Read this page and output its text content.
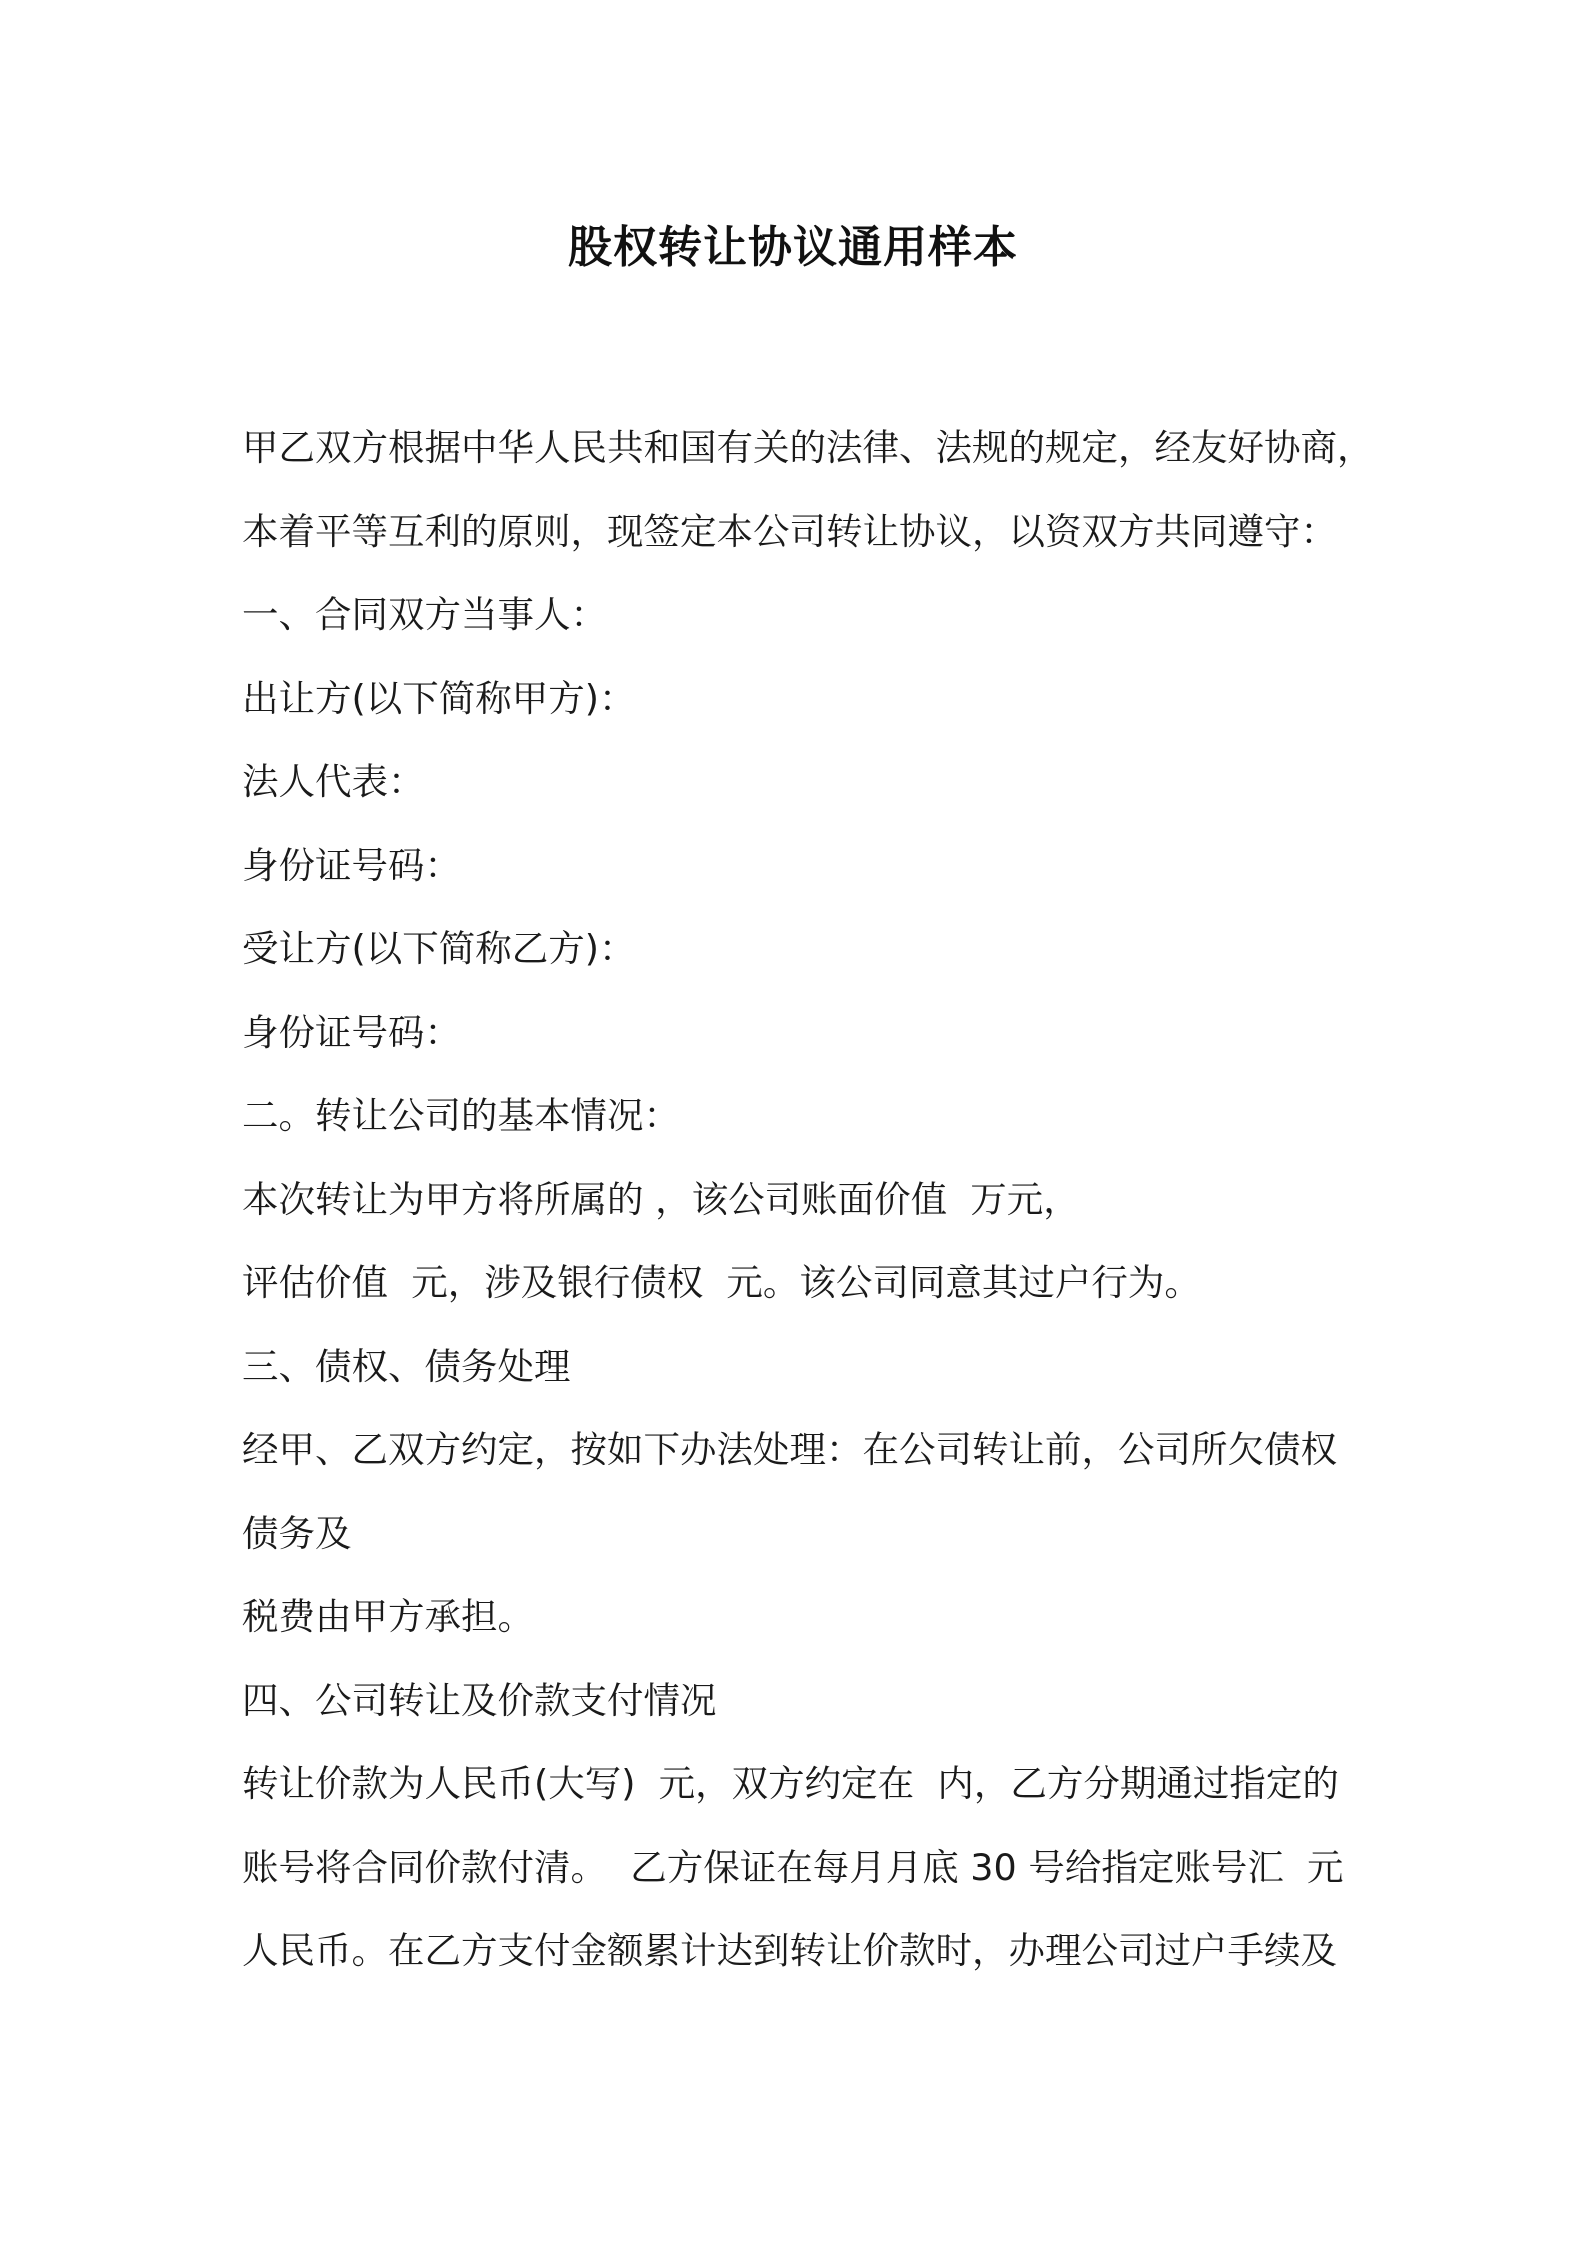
股权转让协议通用样本
甲乙双方根据中华人民共和国有关的法律、法规的规定，经友好协商，
本着平等互利的原则，现签定本公司转让协议，以资双方共同遵守：
一、合同双方当事人：
出让方(以下简称甲方)：
法人代表：
身份证号码：
受让方(以下简称乙方)：
身份证号码：
二。转让公司的基本情况：
本次转让为甲方将所属的 ，该公司账面价值  万元，
评估价值  元，涉及银行债权  元。该公司同意其过户行为。
三、债权、债务处理
经甲、乙双方约定，按如下办法处理：在公司转让前，公司所欠债权
债务及
税费由甲方承担。
四、公司转让及价款支付情况
转让价款为人民币(大写)  元，双方约定在  内，乙方分期通过指定的
账号将合同价款付清。  乙方保证在每月月底 30 号给指定账号汇  元
人民币。在乙方支付金额累计达到转让价款时，办理公司过户手续及
